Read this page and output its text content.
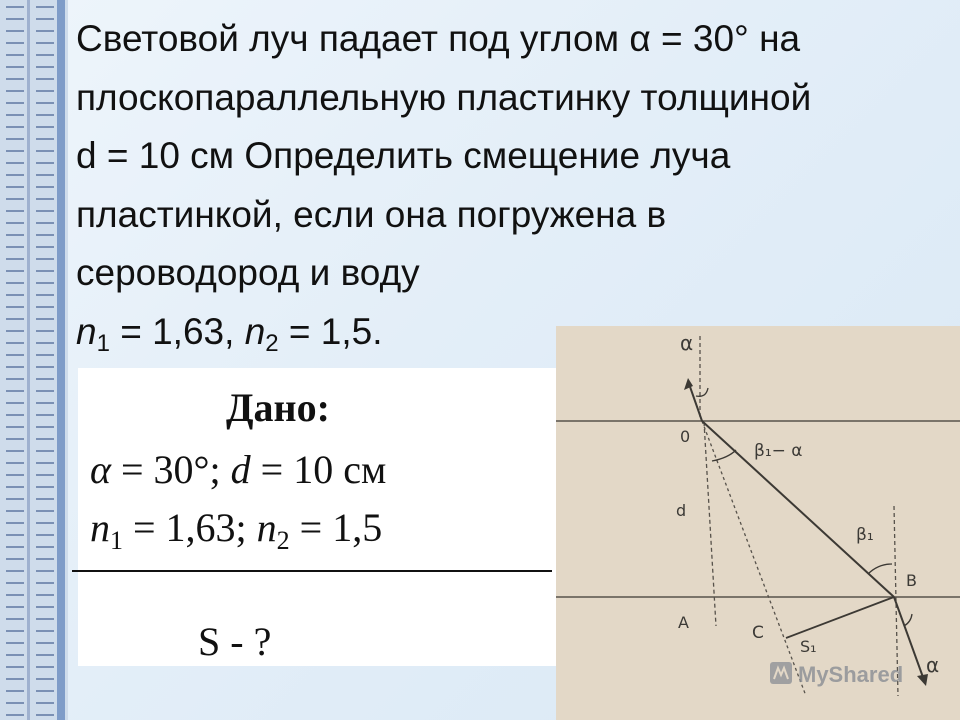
Световой луч падает под углом α = 30° на
плоскопараллельную пластинку толщиной
d = 10 см Определить смещение луча
пластинкой, если она погружена в
сероводород и воду
$n_1 = 1,63$, $n_2 = 1,5$.
Дано:
α = 30°; d = 10 см
$n_1 = 1,63$; $n_2 = 1,5$
S - ?
α
0
β₁− α
d
β₁
B
A
C
S₁
α
MyShared
